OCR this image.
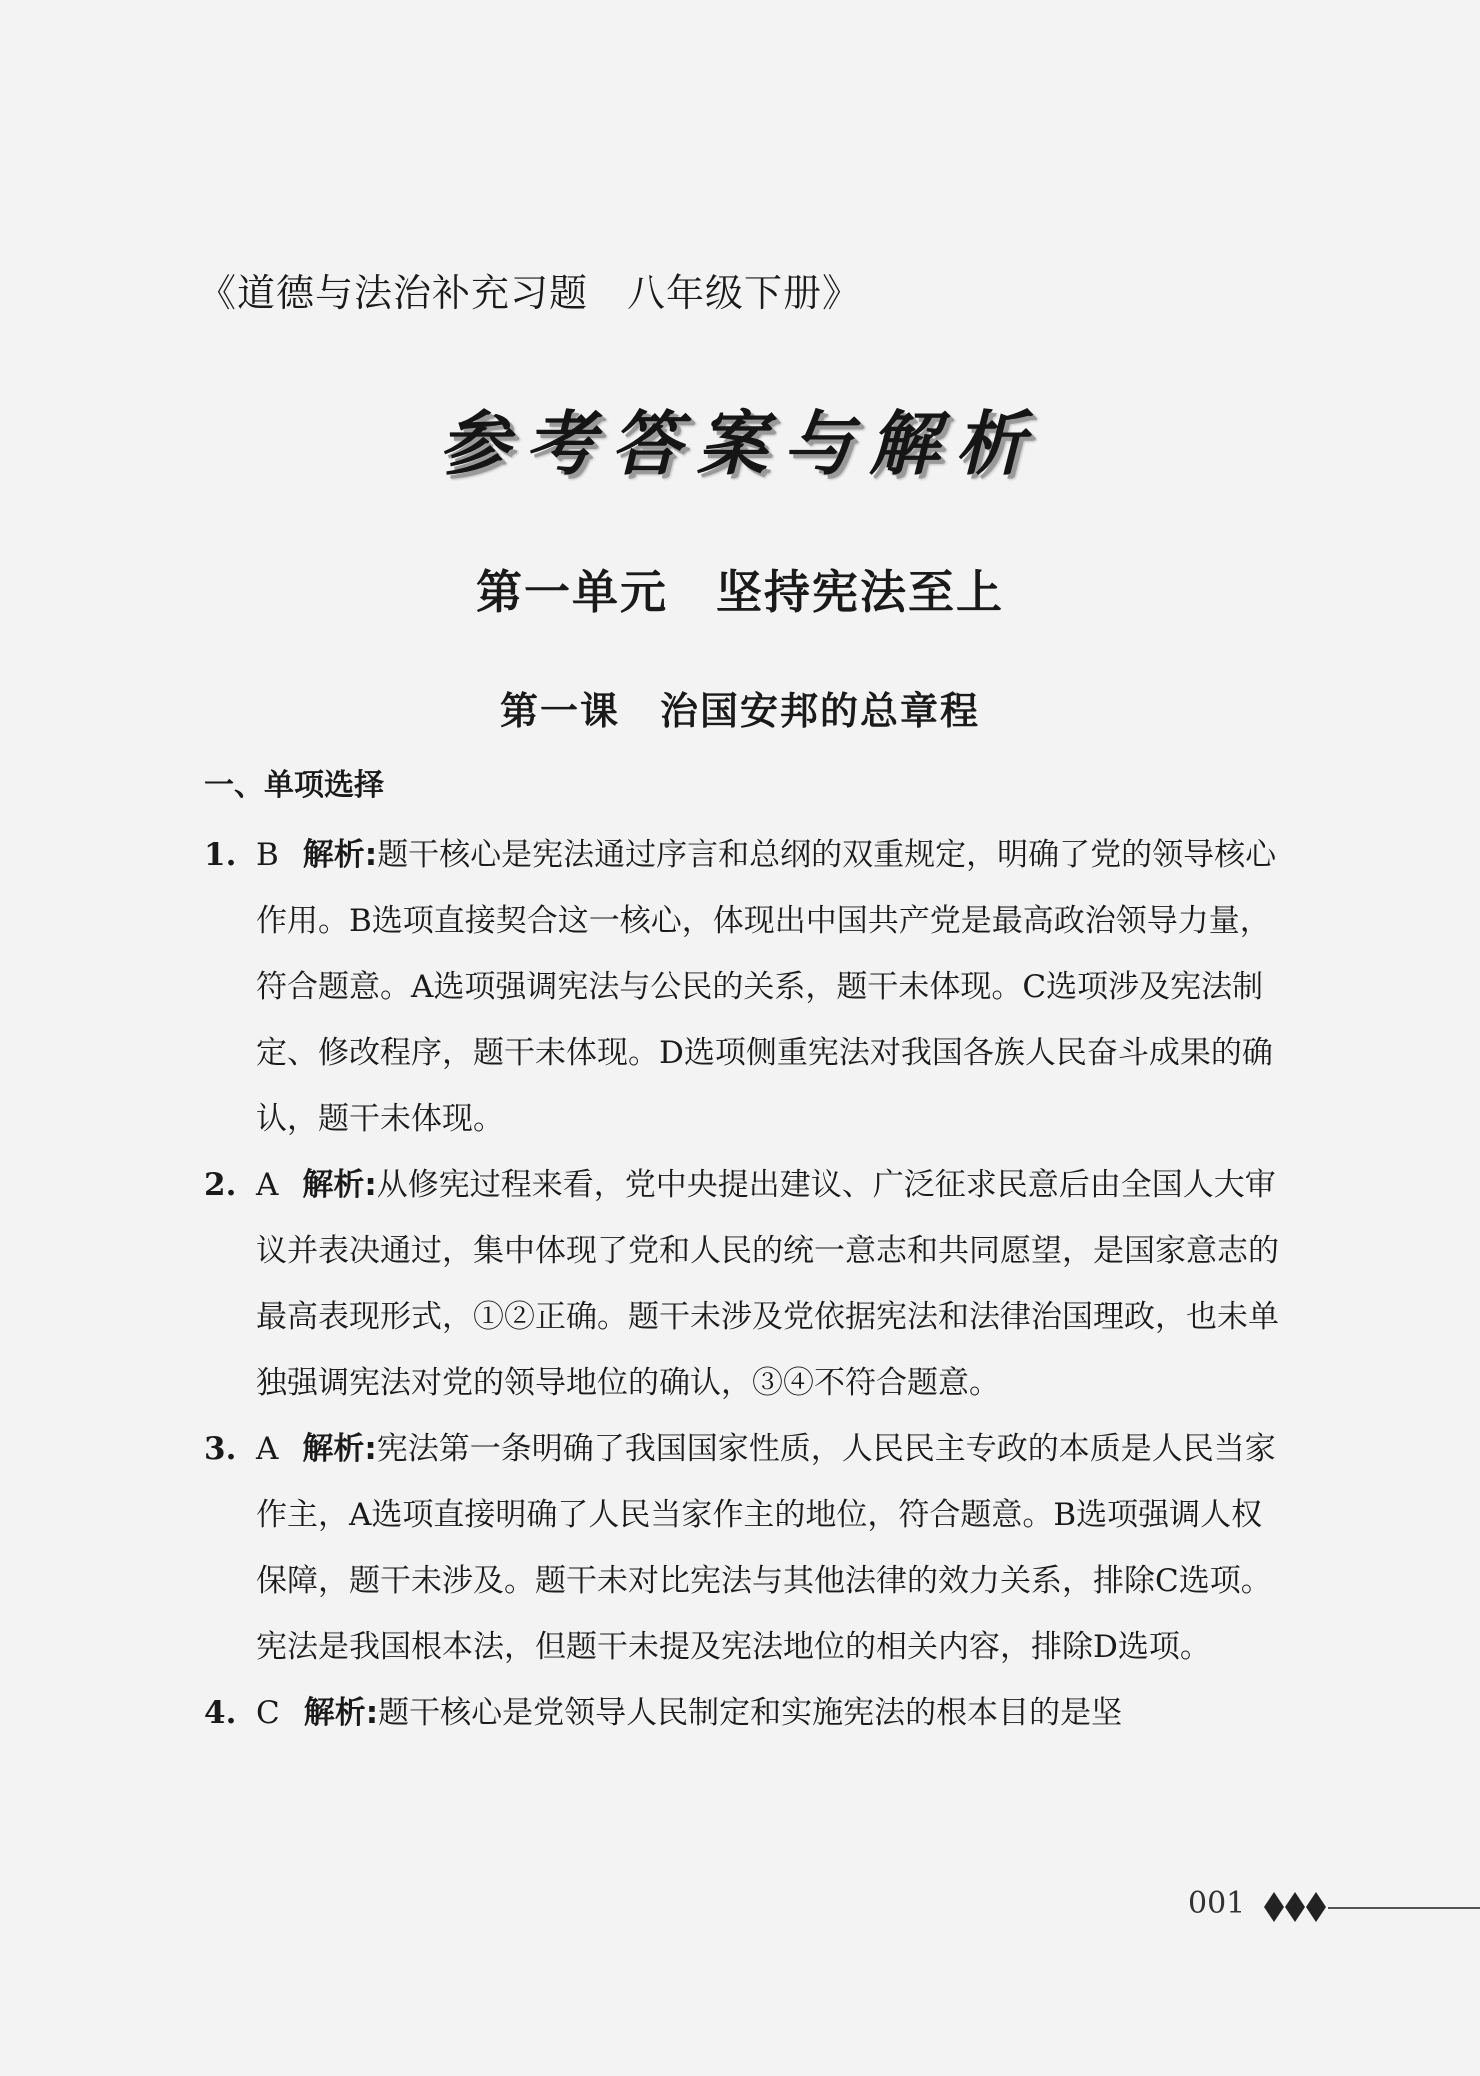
《道德与法治补充习题　八年级下册》
参考答案与解析
第一单元　坚持宪法至上
第一课　治国安邦的总章程
一、单项选择
1. B 解析:题干核心是宪法通过序言和总纲的双重规定，明确了党的领导核心作用。B选项直接契合这一核心，体现出中国共产党是最高政治领导力量，符合题意。A选项强调宪法与公民的关系，题干未体现。C选项涉及宪法制定、修改程序，题干未体现。D选项侧重宪法对我国各族人民奋斗成果的确认，题干未体现。
2. A 解析:从修宪过程来看，党中央提出建议、广泛征求民意后由全国人大审议并表决通过，集中体现了党和人民的统一意志和共同愿望，是国家意志的最高表现形式，①②正确。题干未涉及党依据宪法和法律治国理政，也未单独强调宪法对党的领导地位的确认，③④不符合题意。
3. A 解析:宪法第一条明确了我国国家性质，人民民主专政的本质是人民当家作主，A选项直接明确了人民当家作主的地位，符合题意。B选项强调人权保障，题干未涉及。题干未对比宪法与其他法律的效力关系，排除C选项。宪法是我国根本法，但题干未提及宪法地位的相关内容，排除D选项。
4. C 解析:题干核心是党领导人民制定和实施宪法的根本目的是坚
001
